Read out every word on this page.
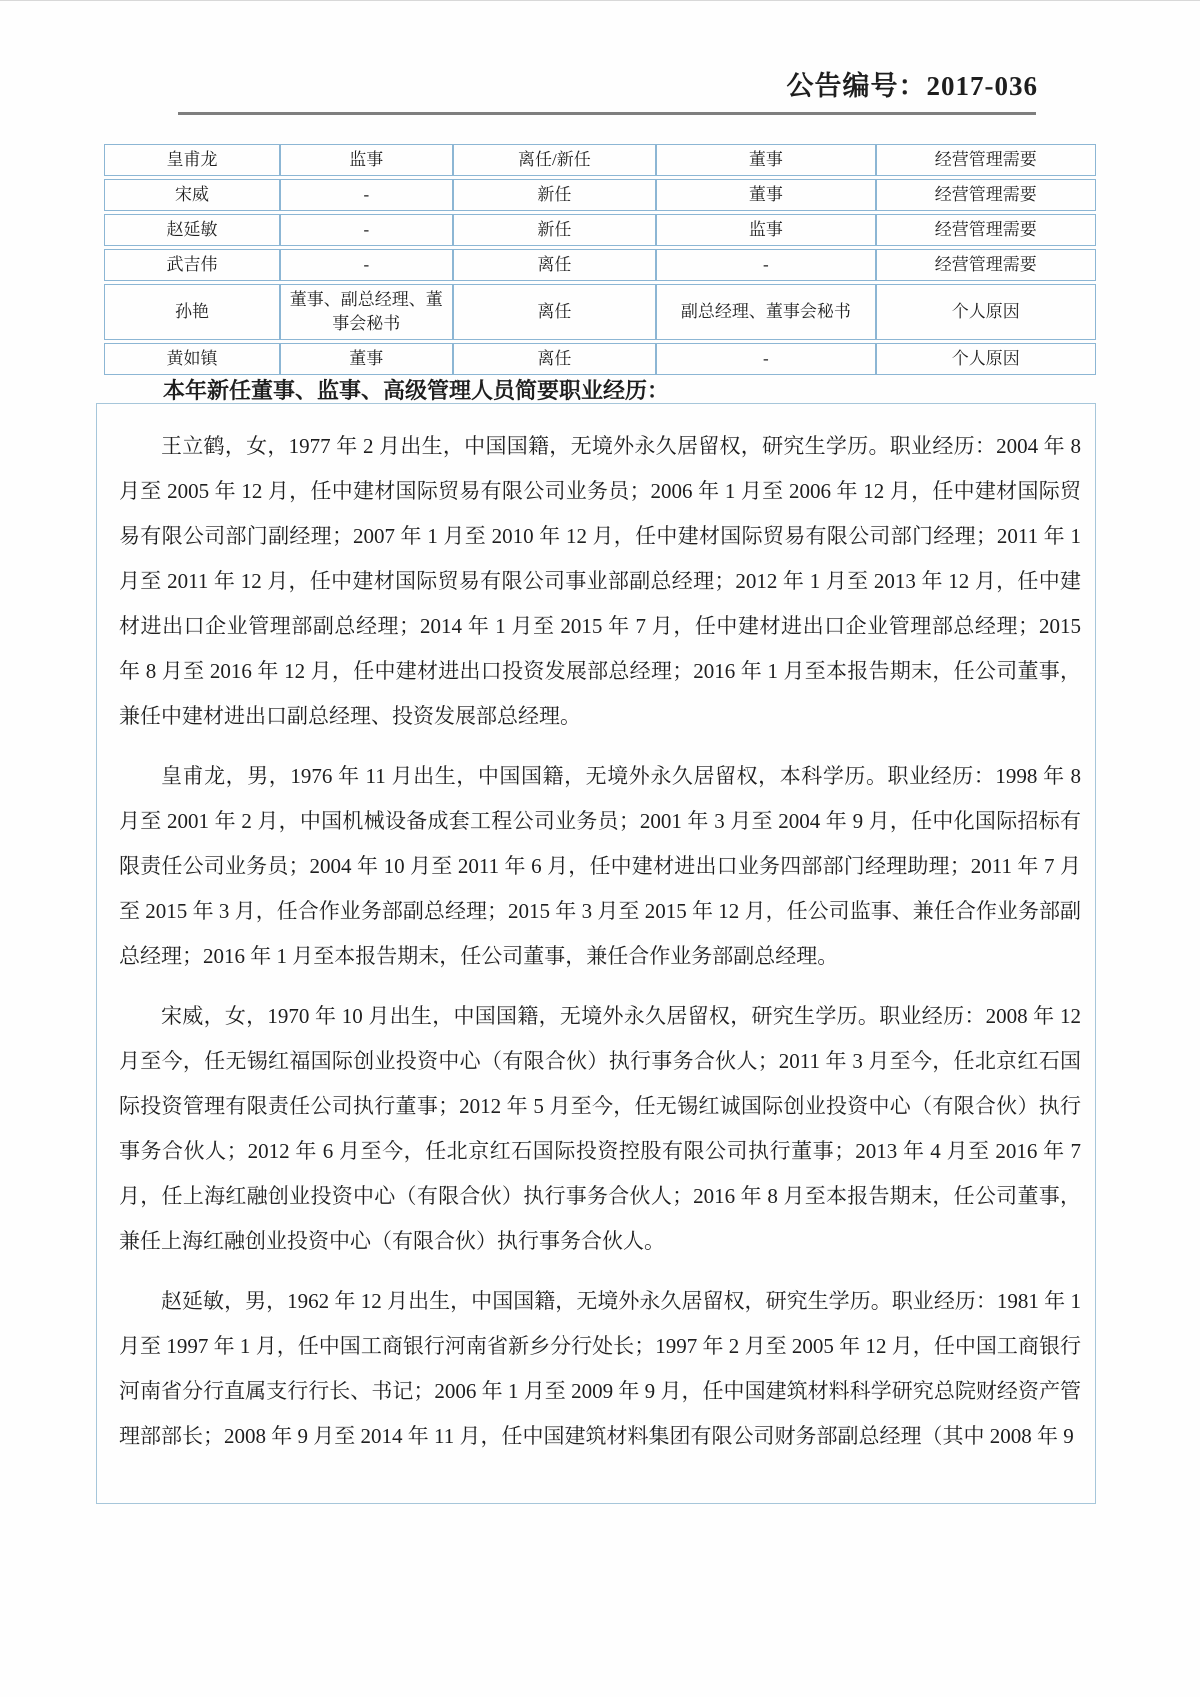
公告编号：2017-036
皇甫龙	监事	离任/新任	董事	经营管理需要
宋威	-	新任	董事	经营管理需要
赵延敏	-	新任	监事	经营管理需要
武吉伟	-	离任	-	经营管理需要
孙艳	董事、副总经理、董事会秘书	离任	副总经理、董事会秘书	个人原因
黄如镇	董事	离任	-	个人原因
本年新任董事、监事、高级管理人员简要职业经历：

王立鹤，女，1977 年 2 月出生，中国国籍，无境外永久居留权，研究生学历。职业经历：2004 年 8 月至 2005 年 12 月，任中建材国际贸易有限公司业务员；2006 年 1 月至 2006 年 12 月，任中建材国际贸易有限公司部门副经理；2007 年 1 月至 2010 年 12 月，任中建材国际贸易有限公司部门经理；2011 年 1 月至 2011 年 12 月，任中建材国际贸易有限公司事业部副总经理；2012 年 1 月至 2013 年 12 月，任中建材进出口企业管理部副总经理；2014 年 1 月至 2015 年 7 月，任中建材进出口企业管理部总经理；2015 年 8 月至 2016 年 12 月，任中建材进出口投资发展部总经理；2016 年 1 月至本报告期末，任公司董事，兼任中建材进出口副总经理、投资发展部总经理。

皇甫龙，男，1976 年 11 月出生，中国国籍，无境外永久居留权，本科学历。职业经历：1998 年 8 月至 2001 年 2 月，中国机械设备成套工程公司业务员；2001 年 3 月至 2004 年 9 月，任中化国际招标有限责任公司业务员；2004 年 10 月至 2011 年 6 月，任中建材进出口业务四部部门经理助理；2011 年 7 月至 2015 年 3 月，任合作业务部副总经理；2015 年 3 月至 2015 年 12 月，任公司监事、兼任合作业务部副总经理；2016 年 1 月至本报告期末，任公司董事，兼任合作业务部副总经理。

宋威，女，1970 年 10 月出生，中国国籍，无境外永久居留权，研究生学历。职业经历：2008 年 12 月至今，任无锡红福国际创业投资中心（有限合伙）执行事务合伙人；2011 年 3 月至今，任北京红石国际投资管理有限责任公司执行董事；2012 年 5 月至今，任无锡红诚国际创业投资中心（有限合伙）执行事务合伙人；2012 年 6 月至今，任北京红石国际投资控股有限公司执行董事；2013 年 4 月至 2016 年 7 月，任上海红融创业投资中心（有限合伙）执行事务合伙人；2016 年 8 月至本报告期末，任公司董事，兼任上海红融创业投资中心（有限合伙）执行事务合伙人。

赵延敏，男，1962 年 12 月出生，中国国籍，无境外永久居留权，研究生学历。职业经历：1981 年 1 月至 1997 年 1 月，任中国工商银行河南省新乡分行处长；1997 年 2 月至 2005 年 12 月，任中国工商银行河南省分行直属支行行长、书记；2006 年 1 月至 2009 年 9 月，任中国建筑材料科学研究总院财经资产管理部部长；2008 年 9 月至 2014 年 11 月，任中国建筑材料集团有限公司财务部副总经理（其中 2008 年 9
